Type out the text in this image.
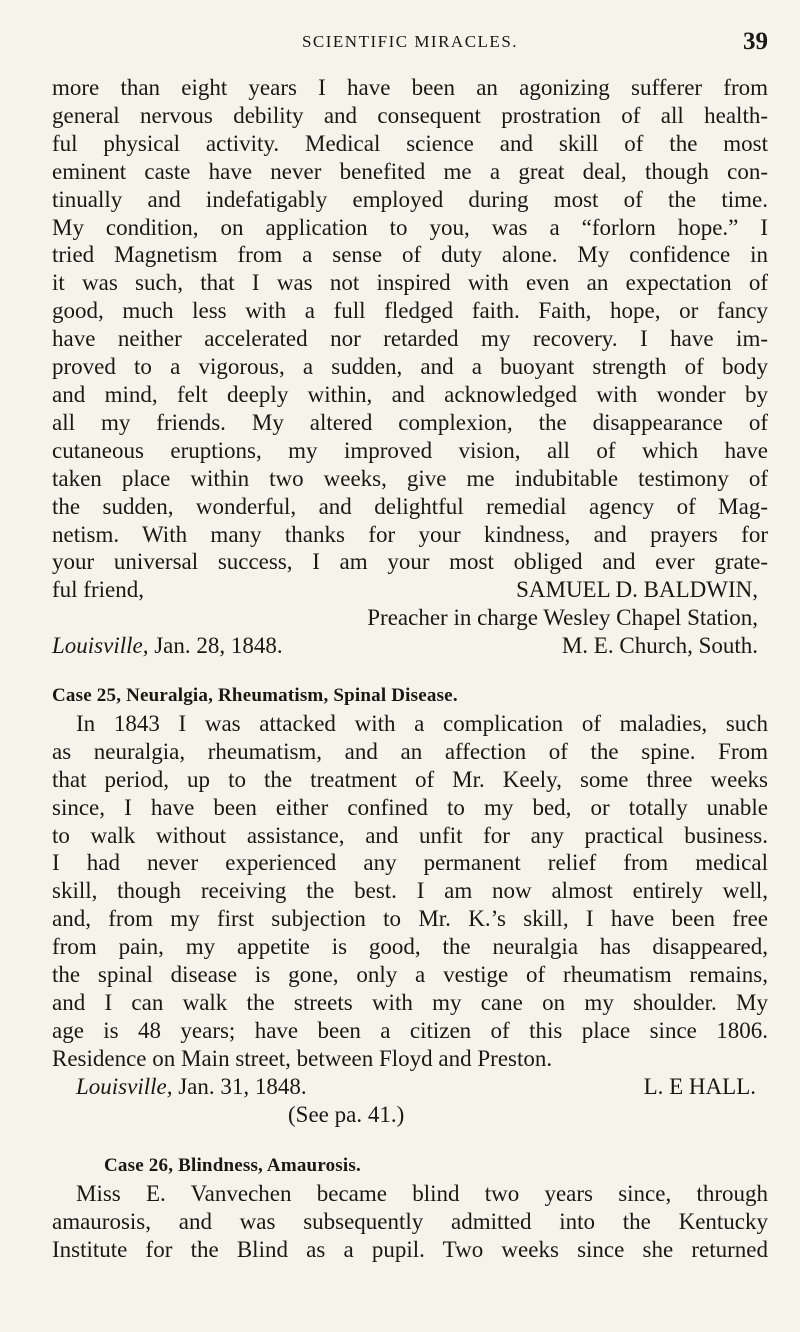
SCIENTIFIC MIRACLES.	39
more than eight years I have been an agonizing sufferer from
general nervous debility and consequent prostration of all health-
ful physical activity. Medical science and skill of the most
eminent caste have never benefited me a great deal, though con-
tinually and indefatigably employed during most of the time.
My condition, on application to you, was a “forlorn hope.” I
tried Magnetism from a sense of duty alone. My confidence in
it was such, that I was not inspired with even an expectation of
good, much less with a full fledged faith. Faith, hope, or fancy
have neither accelerated nor retarded my recovery. I have im-
proved to a vigorous, a sudden, and a buoyant strength of body
and mind, felt deeply within, and acknowledged with wonder by
all my friends. My altered complexion, the disappearance of
cutaneous eruptions, my improved vision, all of which have
taken place within two weeks, give me indubitable testimony of
the sudden, wonderful, and delightful remedial agency of Mag-
netism. With many thanks for your kindness, and prayers for
your universal success, I am your most obliged and ever grate-
ful friend,	SAMUEL D. BALDWIN,
Preacher in charge Wesley Chapel Station,
Louisville, Jan. 28, 1848.	M. E. Church, South.
Case 25, Neuralgia, Rheumatism, Spinal Disease.
In 1843 I was attacked with a complication of maladies, such
as neuralgia, rheumatism, and an affection of the spine. From
that period, up to the treatment of Mr. Keely, some three weeks
since, I have been either confined to my bed, or totally unable
to walk without assistance, and unfit for any practical business.
I had never experienced any permanent relief from medical
skill, though receiving the best. I am now almost entirely well,
and, from my first subjection to Mr. K.’s skill, I have been free
from pain, my appetite is good, the neuralgia has disappeared,
the spinal disease is gone, only a vestige of rheumatism remains,
and I can walk the streets with my cane on my shoulder. My
age is 48 years; have been a citizen of this place since 1806.
Residence on Main street, between Floyd and Preston.
Louisville, Jan. 31, 1848.	L. E HALL.
(See pa. 41.)
Case 26, Blindness, Amaurosis.
Miss E. Vanvechen became blind two years since, through
amaurosis, and was subsequently admitted into the Kentucky
Institute for the Blind as a pupil. Two weeks since she returned
